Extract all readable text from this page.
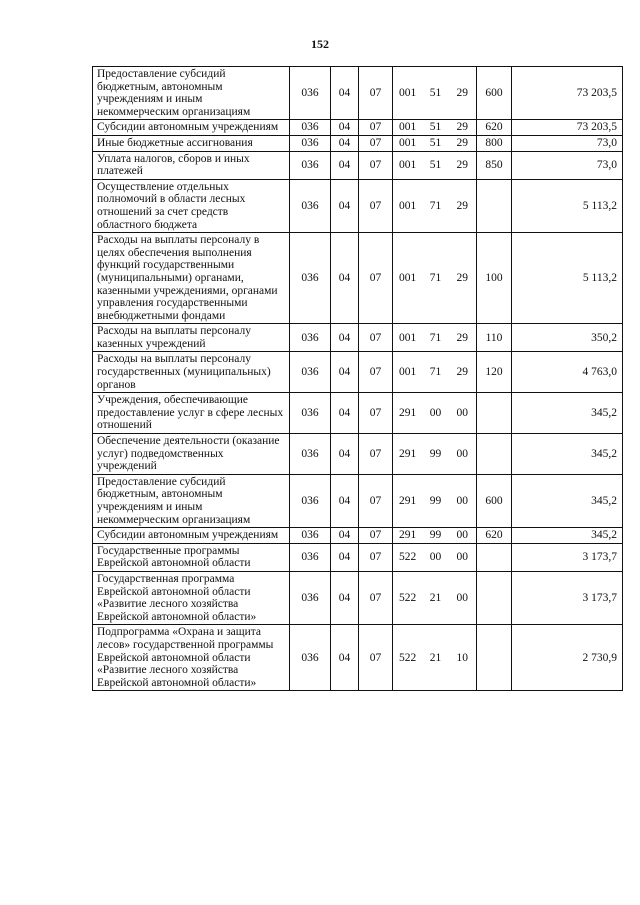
152
Предоставление субсидий бюджетным, автономным учреждениям и иным некоммерческим организациям	036	04	07	001	51	29	600	73 203,5
Субсидии автономным учреждениям	036	04	07	001	51	29	620	73 203,5
Иные бюджетные ассигнования	036	04	07	001	51	29	800	73,0
Уплата налогов, сборов и иных платежей	036	04	07	001	51	29	850	73,0
Осуществление отдельных полномочий в области лесных отношений за счет средств областного бюджета	036	04	07	001	71	29		5 113,2
Расходы на выплаты персоналу в целях обеспечения выполнения функций государственными (муниципальными) органами, казенными учреждениями, органами управления государственными внебюджетными фондами	036	04	07	001	71	29	100	5 113,2
Расходы на выплаты персоналу казенных учреждений	036	04	07	001	71	29	110	350,2
Расходы на выплаты персоналу государственных (муниципальных) органов	036	04	07	001	71	29	120	4 763,0
Учреждения, обеспечивающие предоставление услуг в сфере лесных отношений	036	04	07	291	00	00		345,2
Обеспечение деятельности (оказание услуг) подведомственных учреждений	036	04	07	291	99	00		345,2
Предоставление субсидий бюджетным, автономным учреждениям и иным некоммерческим организациям	036	04	07	291	99	00	600	345,2
Субсидии автономным учреждениям	036	04	07	291	99	00	620	345,2
Государственные программы Еврейской автономной области	036	04	07	522	00	00		3 173,7
Государственная программа Еврейской автономной области «Развитие лесного хозяйства Еврейской автономной области»	036	04	07	522	21	00		3 173,7
Подпрограмма «Охрана и защита лесов» государственной программы Еврейской автономной области «Развитие лесного хозяйства Еврейской автономной области»	036	04	07	522	21	10		2 730,9
